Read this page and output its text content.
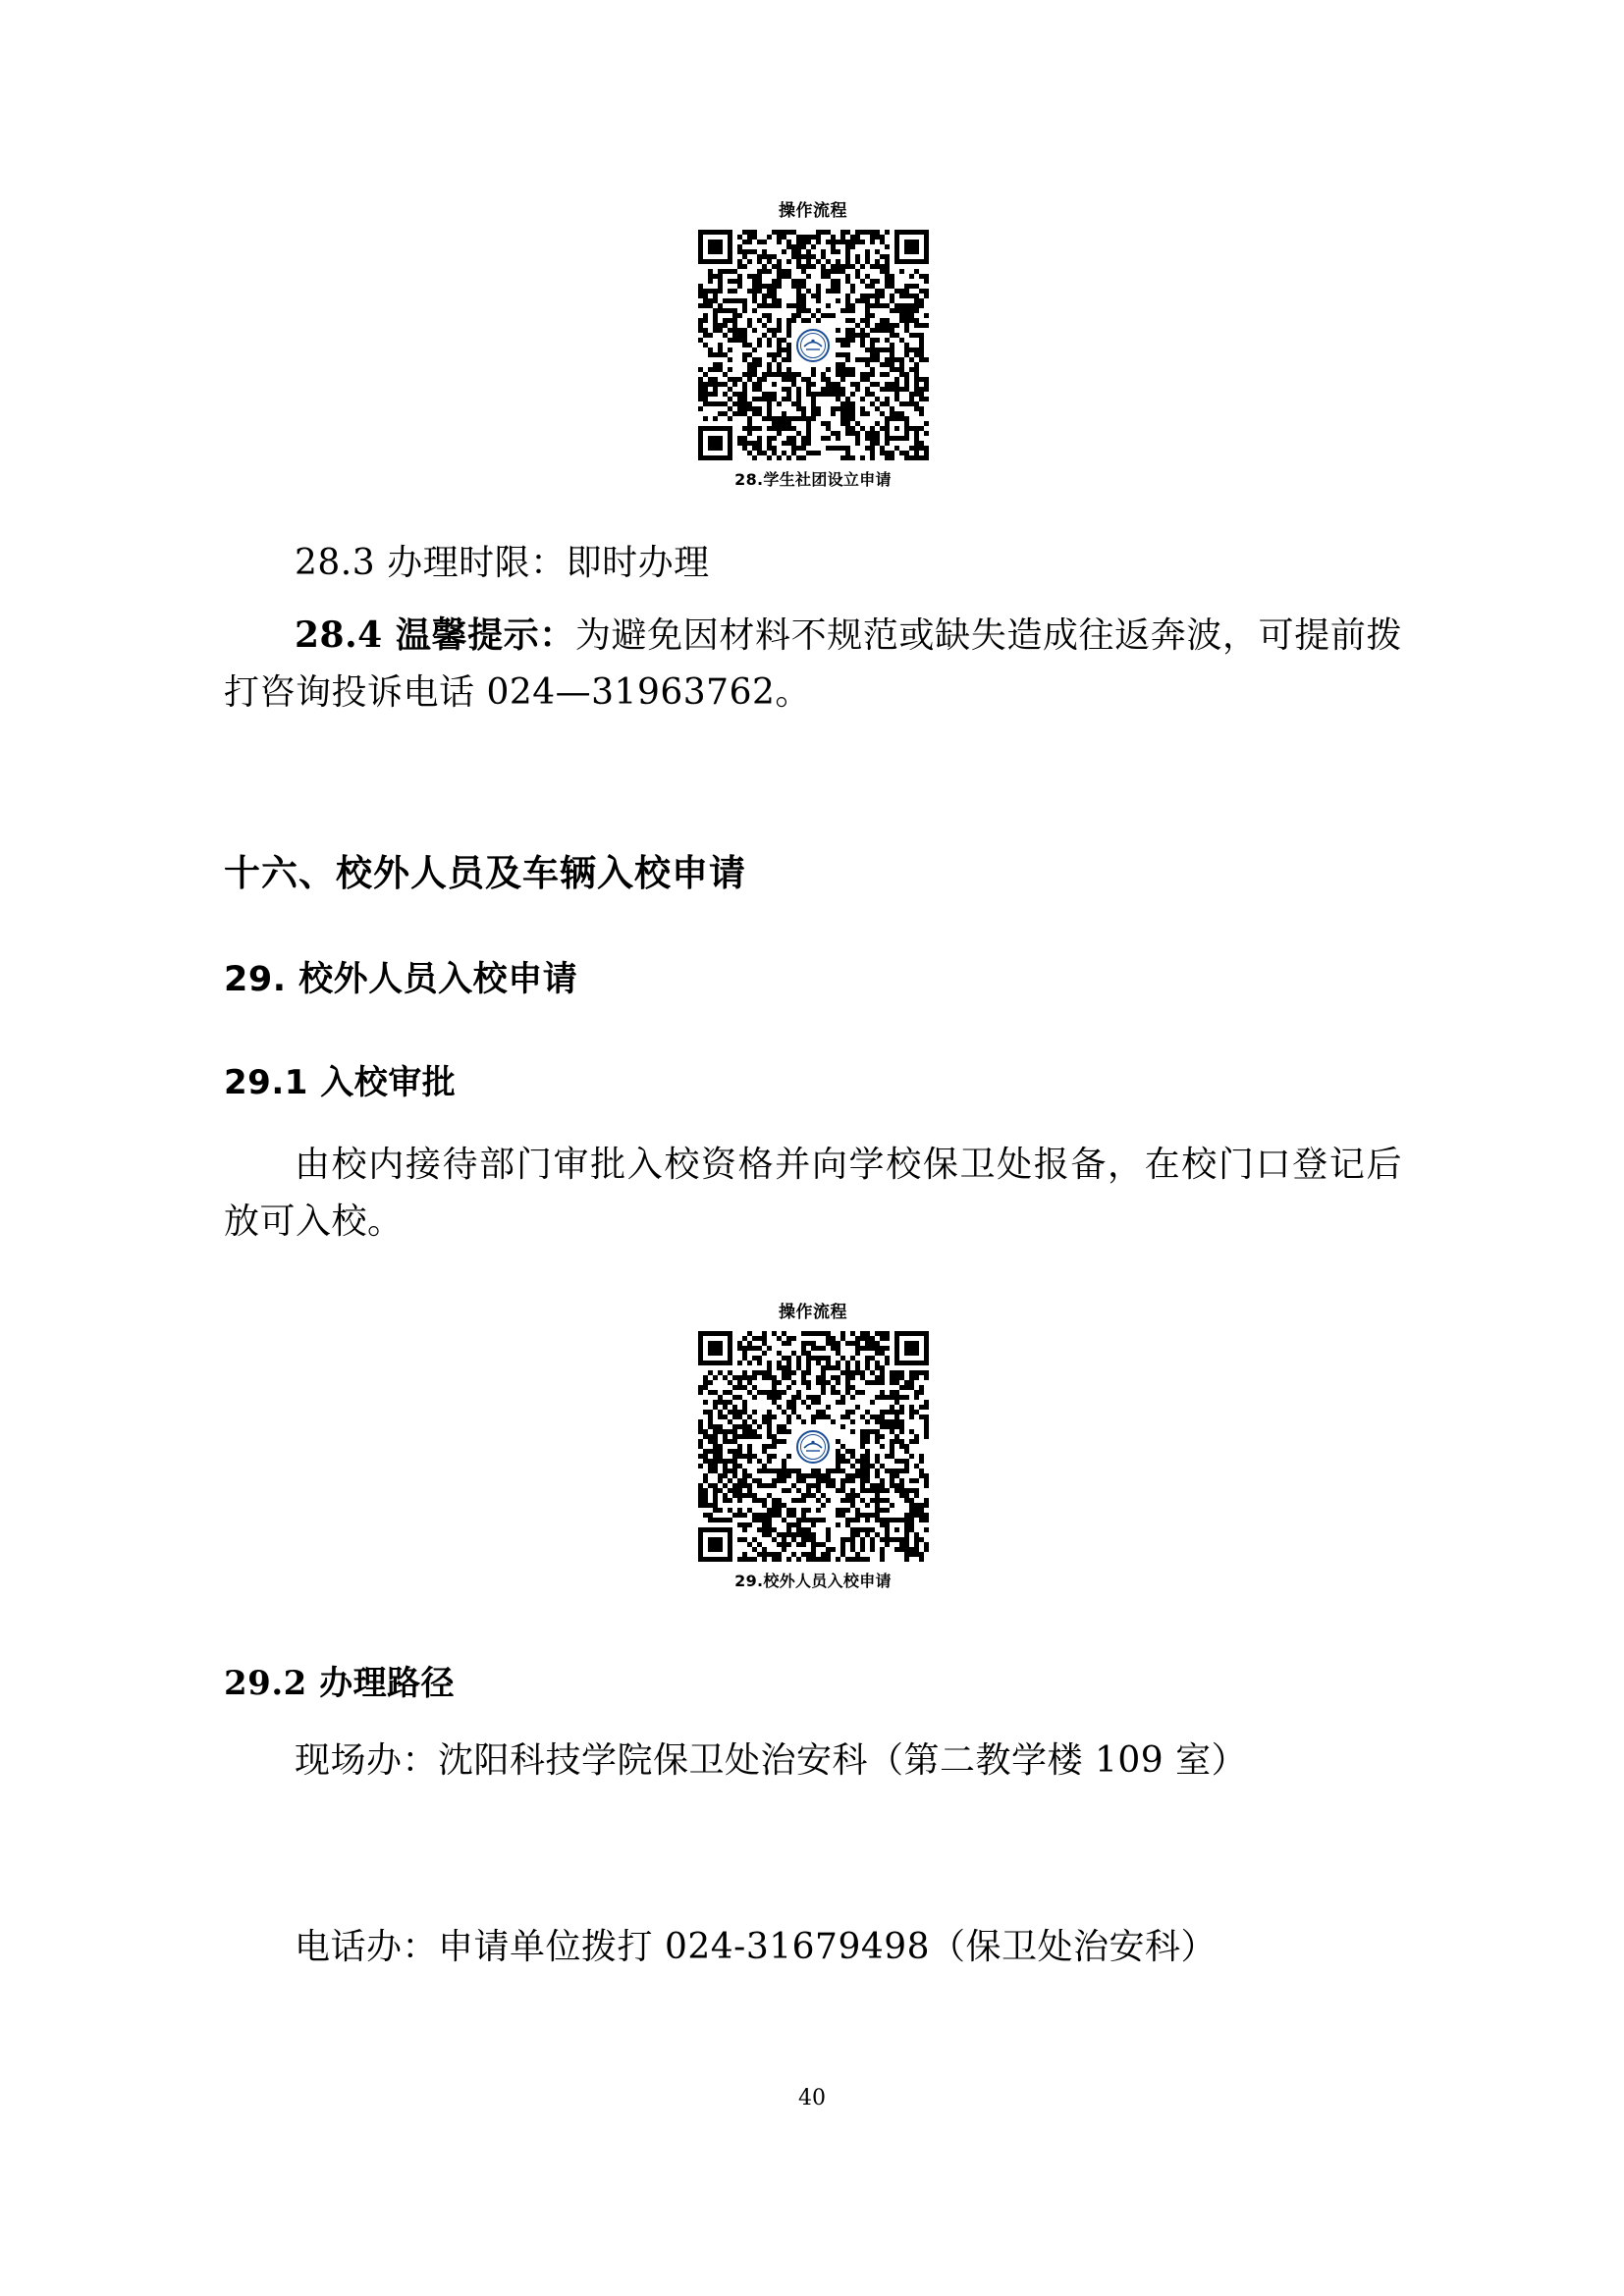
操作流程
28.学生社团设立申请

28.3 办理时限：即时办理

28.4 温馨提示：为避免因材料不规范或缺失造成往返奔波，可提前拨打咨询投诉电话 024—31963762。

十六、校外人员及车辆入校申请
29. 校外人员入校申请
29.1 入校审批

由校内接待部门审批入校资格并向学校保卫处报备，在校门口登记后放可入校。

操作流程
29.校外人员入校申请
29.2 办理路径

现场办：沈阳科技学院保卫处治安科（第二教学楼 109 室）

电话办：申请单位拨打 024-31679498（保卫处治安科）

40
